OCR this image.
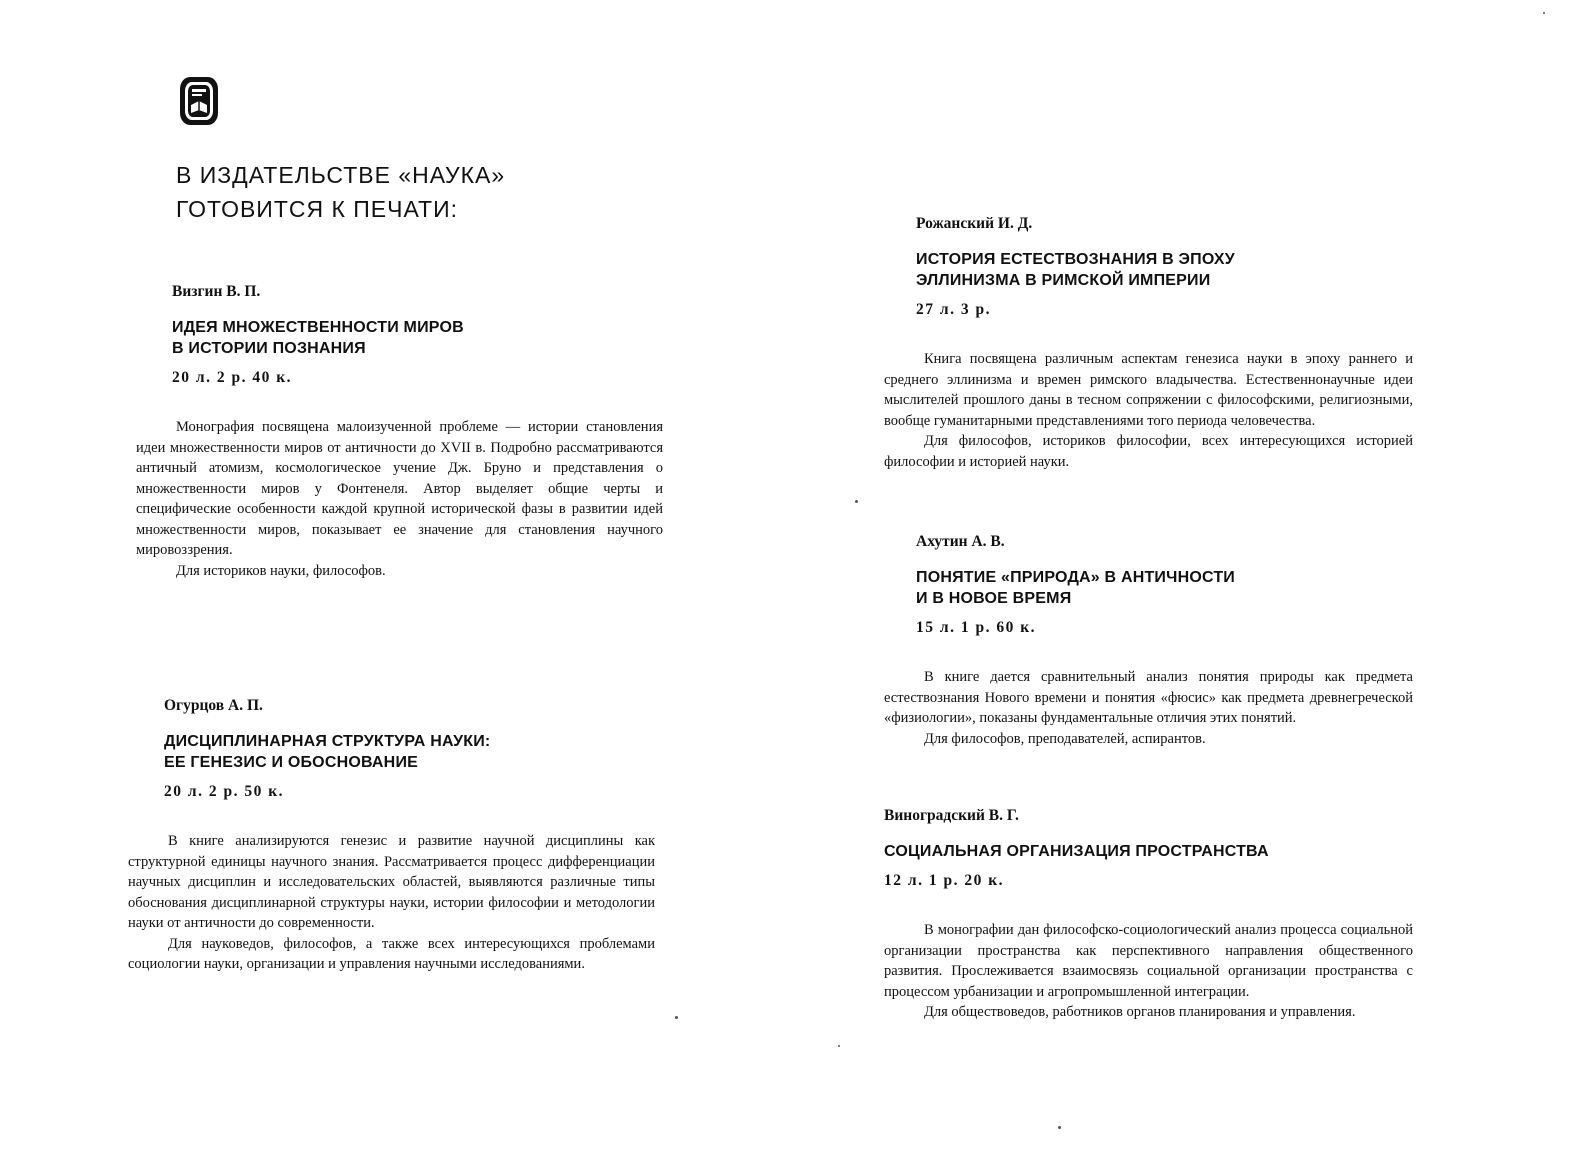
В ИЗДАТЕЛЬСТВЕ «НАУКА»
ГОТОВИТСЯ К ПЕЧАТИ:
Визгин В. П.
ИДЕЯ МНОЖЕСТВЕННОСТИ МИРОВ
В ИСТОРИИ ПОЗНАНИЯ
20 л. 2 р. 40 к.

Монография посвящена малоизученной проблеме — истории становления идеи множественности миров от античности до XVII в. Подробно рассматриваются античный атомизм, космологическое учение Дж. Бруно и представления о множественности миров у Фонтенеля. Автор выделяет общие черты и специфические особенности каждой крупной исторической фазы в развитии идей множественности миров, показывает ее значение для становления научного мировоззрения.

Для историков науки, философов.

Огурцов А. П.
ДИСЦИПЛИНАРНАЯ СТРУКТУРА НАУКИ:
ЕЕ ГЕНЕЗИС И ОБОСНОВАНИЕ
20 л. 2 р. 50 к.

В книге анализируются генезис и развитие научной дисциплины как структурной единицы научного знания. Рассматривается процесс дифференциации научных дисциплин и исследовательских областей, выявляются различные типы обоснования дисциплинарной структуры науки, истории философии и методологии науки от античности до современности.

Для науковедов, философов, а также всех интересующихся проблемами социологии науки, организации и управления научными исследованиями.

Рожанский И. Д.
ИСТОРИЯ ЕСТЕСТВОЗНАНИЯ В ЭПОХУ
ЭЛЛИНИЗМА В РИМСКОЙ ИМПЕРИИ
27 л. 3 р.

Книга посвящена различным аспектам генезиса науки в эпоху раннего и среднего эллинизма и времен римского владычества. Естественнонаучные идеи мыслителей прошлого даны в тесном сопряжении с философскими, религиозными, вообще гуманитарными представлениями того периода человечества.

Для философов, историков философии, всех интересующихся историей философии и историей науки.

Ахутин А. В.
ПОНЯТИЕ «ПРИРОДА» В АНТИЧНОСТИ
И В НОВОЕ ВРЕМЯ
15 л. 1 р. 60 к.

В книге дается сравнительный анализ понятия природы как предмета естествознания Нового времени и понятия «фюсис» как предмета древнегреческой «физиологии», показаны фундаментальные отличия этих понятий.

Для философов, преподавателей, аспирантов.

Виноградский В. Г.
СОЦИАЛЬНАЯ ОРГАНИЗАЦИЯ ПРОСТРАНСТВА
12 л. 1 р. 20 к.

В монографии дан философско-социологический анализ процесса социальной организации пространства как перспективного направления общественного развития. Прослеживается взаимосвязь социальной организации пространства с процессом урбанизации и агропромышленной интеграции.

Для обществоведов, работников органов планирования и управления.
